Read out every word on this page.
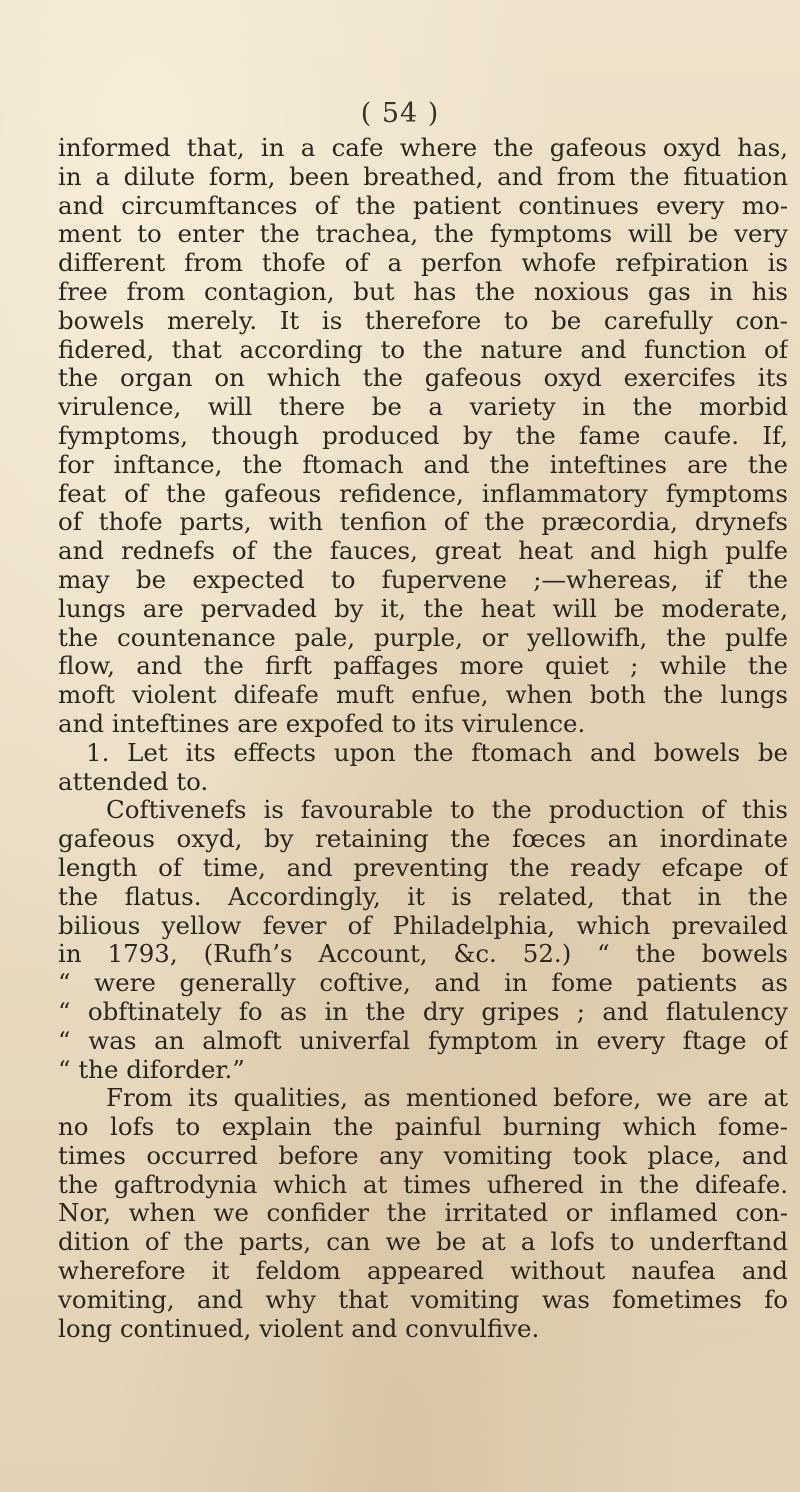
( 54 )
informed that, in a cafe where the gafeous oxyd has,
in a dilute form, been breathed, and from the fituation
and circumftances of the patient continues every mo-
ment to enter the trachea, the fymptoms will be very
different from thofe of a perfon whofe refpiration is
free from contagion, but has the noxious gas in his
bowels merely. It is therefore to be carefully con-
fidered, that according to the nature and function of
the organ on which the gafeous oxyd exercifes its
virulence, will there be a variety in the morbid
fymptoms, though produced by the fame caufe. If,
for inftance, the ftomach and the inteftines are the
feat of the gafeous refidence, inflammatory fymptoms
of thofe parts, with tenfion of the præcordia, drynefs
and rednefs of the fauces, great heat and high pulfe
may be expected to fupervene ;—whereas, if the
lungs are pervaded by it, the heat will be moderate,
the countenance pale, purple, or yellowifh, the pulfe
flow, and the firft paffages more quiet ; while the
moft violent difeafe muft enfue, when both the lungs
and inteftines are expofed to its virulence.
1. Let its effects upon the ftomach and bowels be
attended to.
Coftivenefs is favourable to the production of this
gafeous oxyd, by retaining the fœces an inordinate
length of time, and preventing the ready efcape of
the flatus. Accordingly, it is related, that in the
bilious yellow fever of Philadelphia, which prevailed
in 1793, (Rufh’s Account, &c. 52.) “ the bowels
“ were generally coftive, and in fome patients as
“ obftinately fo as in the dry gripes ; and flatulency
“ was an almoft univerfal fymptom in every ftage of
“ the diforder.”
From its qualities, as mentioned before, we are at
no lofs to explain the painful burning which fome-
times occurred before any vomiting took place, and
the gaftrodynia which at times ufhered in the difeafe.
Nor, when we confider the irritated or inflamed con-
dition of the parts, can we be at a lofs to underftand
wherefore it feldom appeared without naufea and
vomiting, and why that vomiting was fometimes fo
long continued, violent and convulfive.
